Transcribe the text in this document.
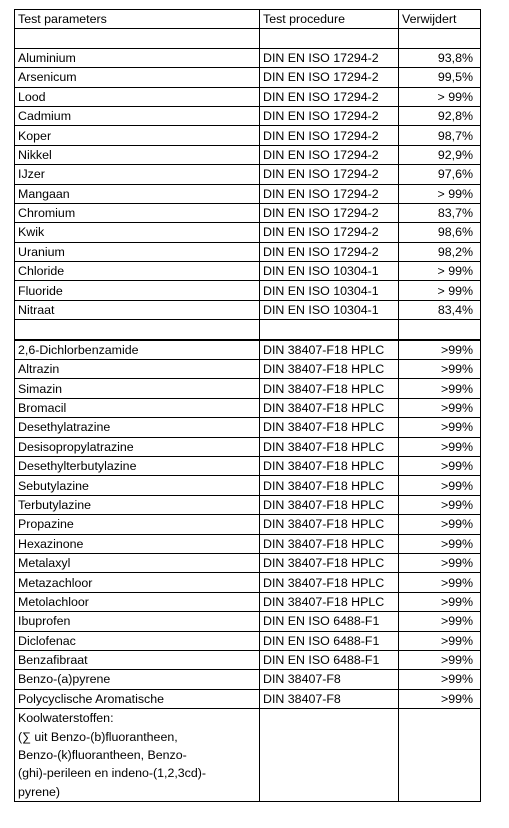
Test parameters	Test procedure	Verwijdert

Aluminium	DIN EN ISO 17294-2	93,8%
Arsenicum	DIN EN ISO 17294-2	99,5%
Lood	DIN EN ISO 17294-2	> 99%
Cadmium	DIN EN ISO 17294-2	92,8%
Koper	DIN EN ISO 17294-2	98,7%
Nikkel	DIN EN ISO 17294-2	92,9%
IJzer	DIN EN ISO 17294-2	97,6%
Mangaan	DIN EN ISO 17294-2	> 99%
Chromium	DIN EN ISO 17294-2	83,7%
Kwik	DIN EN ISO 17294-2	98,6%
Uranium	DIN EN ISO 17294-2	98,2%
Chloride	DIN EN ISO 10304-1	> 99%
Fluoride	DIN EN ISO 10304-1	> 99%
Nitraat	DIN EN ISO 10304-1	83,4%

2,6-Dichlorbenzamide	DIN 38407-F18 HPLC	>99%
Altrazin	DIN 38407-F18 HPLC	>99%
Simazin	DIN 38407-F18 HPLC	>99%
Bromacil	DIN 38407-F18 HPLC	>99%
Desethylatrazine	DIN 38407-F18 HPLC	>99%
Desisopropylatrazine	DIN 38407-F18 HPLC	>99%
Desethylterbutylazine	DIN 38407-F18 HPLC	>99%
Sebutylazine	DIN 38407-F18 HPLC	>99%
Terbutylazine	DIN 38407-F18 HPLC	>99%
Propazine	DIN 38407-F18 HPLC	>99%
Hexazinone	DIN 38407-F18 HPLC	>99%
Metalaxyl	DIN 38407-F18 HPLC	>99%
Metazachloor	DIN 38407-F18 HPLC	>99%
Metolachloor	DIN 38407-F18 HPLC	>99%
Ibuprofen	DIN EN ISO 6488-F1	>99%
Diclofenac	DIN EN ISO 6488-F1	>99%
Benzafibraat	DIN EN ISO 6488-F1	>99%
Benzo-(a)pyrene	DIN 38407-F8	>99%
Polycyclische Aromatische	DIN 38407-F8	>99%
Koolwaterstoffen:		
(∑ uit Benzo-(b)fluorantheen,		
Benzo-(k)fluorantheen, Benzo-		
(ghi)-perileen en indeno-(1,2,3cd)-		
pyrene)		
